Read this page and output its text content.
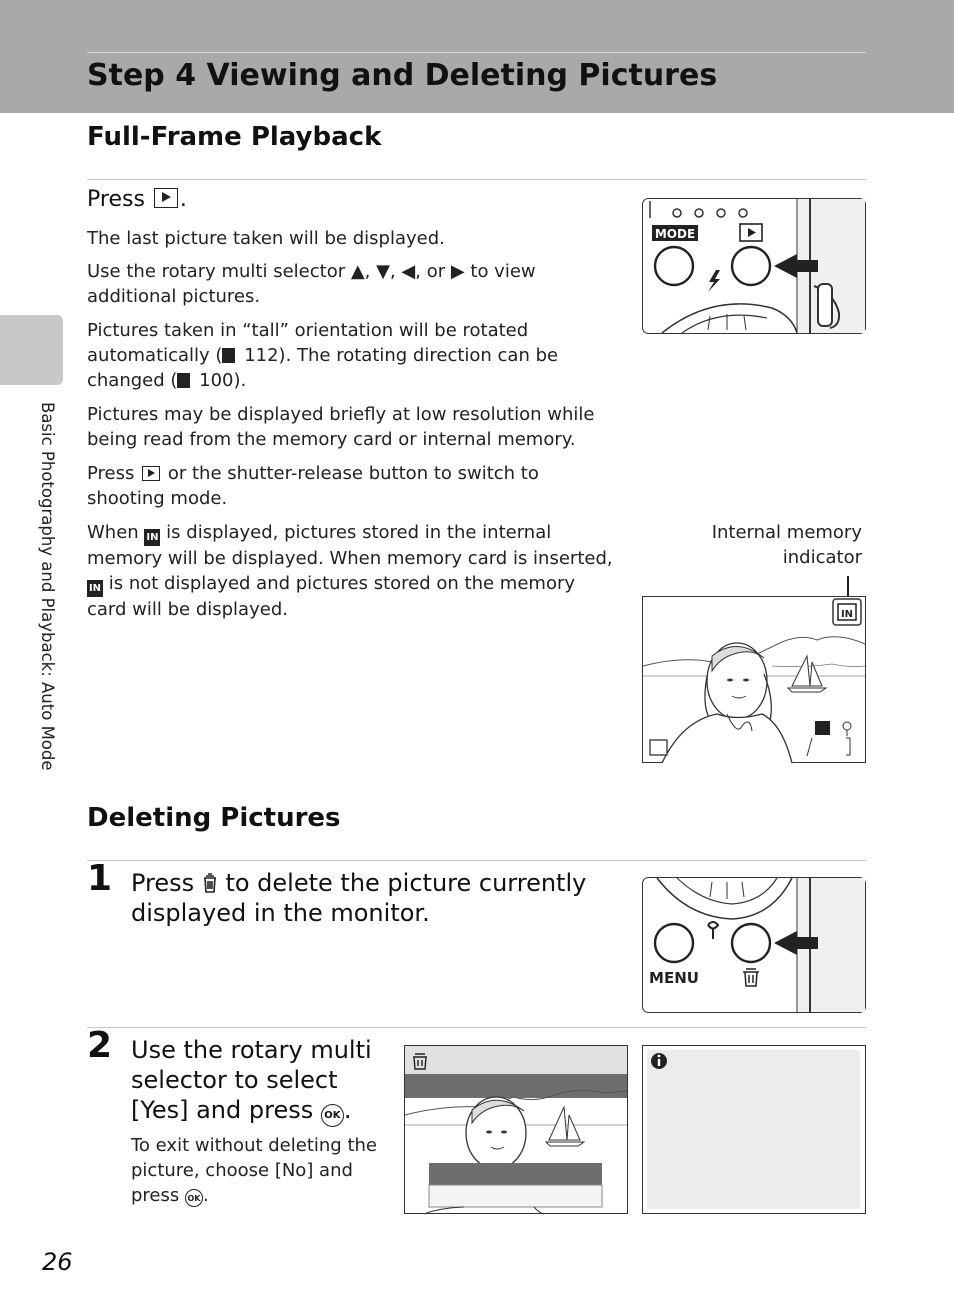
Step 4 Viewing and Deleting Pictures
Basic Photography and Playback: Auto Mode
Full-Frame Playback
Press .

The last picture taken will be displayed.

Use the rotary multi selector ▲, ▼, ◀, or ▶ to view additional pictures.

Pictures taken in “tall” orientation will be rotated automatically ( 112). The rotating direction can be changed ( 100).

Pictures may be displayed briefly at low resolution while being read from the memory card or internal memory.

Press or the shutter-release button to switch to shooting mode.

When IN is displayed, pictures stored in the internal memory will be displayed. When memory card is inserted, IN is not displayed and pictures stored on the memory card will be displayed.

MODE

Internal memory indicator

IN
Deleting Pictures

1 Press to delete the picture currently displayed in the monitor.

MENU

2 Use the rotary multi selector to select [Yes] and press OK .

To exit without deleting the picture, choose [No] and press OK .

26
